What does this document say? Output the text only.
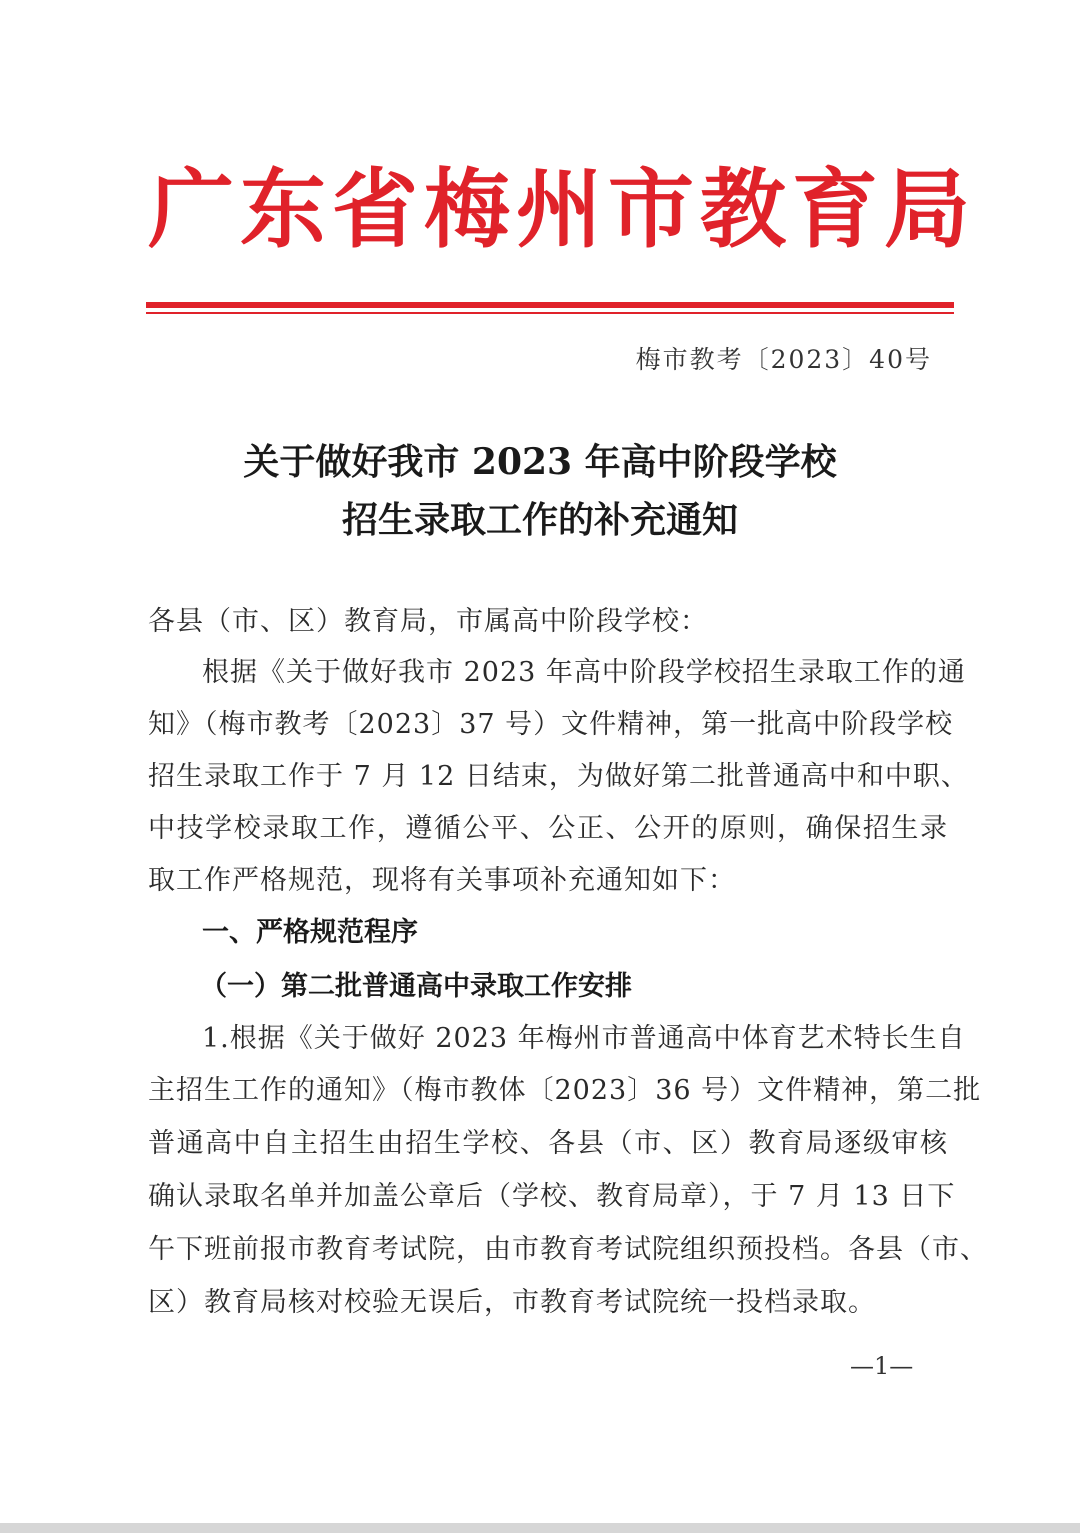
广东省梅州市教育局
梅市教考〔2023〕40号
关于做好我市 2023 年高中阶段学校
招生录取工作的补充通知
各县（市、区）教育局，市属高中阶段学校：
根据《关于做好我市 2023 年高中阶段学校招生录取工作的通
知》（梅市教考〔2023〕37 号）文件精神，第一批高中阶段学校
招生录取工作于 7 月 12 日结束，为做好第二批普通高中和中职、
中技学校录取工作，遵循公平、公正、公开的原则，确保招生录
取工作严格规范，现将有关事项补充通知如下：
一、严格规范程序
（一）第二批普通高中录取工作安排
1.根据《关于做好 2023 年梅州市普通高中体育艺术特长生自
主招生工作的通知》（梅市教体〔2023〕36 号）文件精神，第二批
普通高中自主招生由招生学校、各县（市、区）教育局逐级审核
确认录取名单并加盖公章后（学校、教育局章），于 7 月 13 日下
午下班前报市教育考试院，由市教育考试院组织预投档。各县（市、
区）教育局核对校验无误后，市教育考试院统一投档录取。
—1—
